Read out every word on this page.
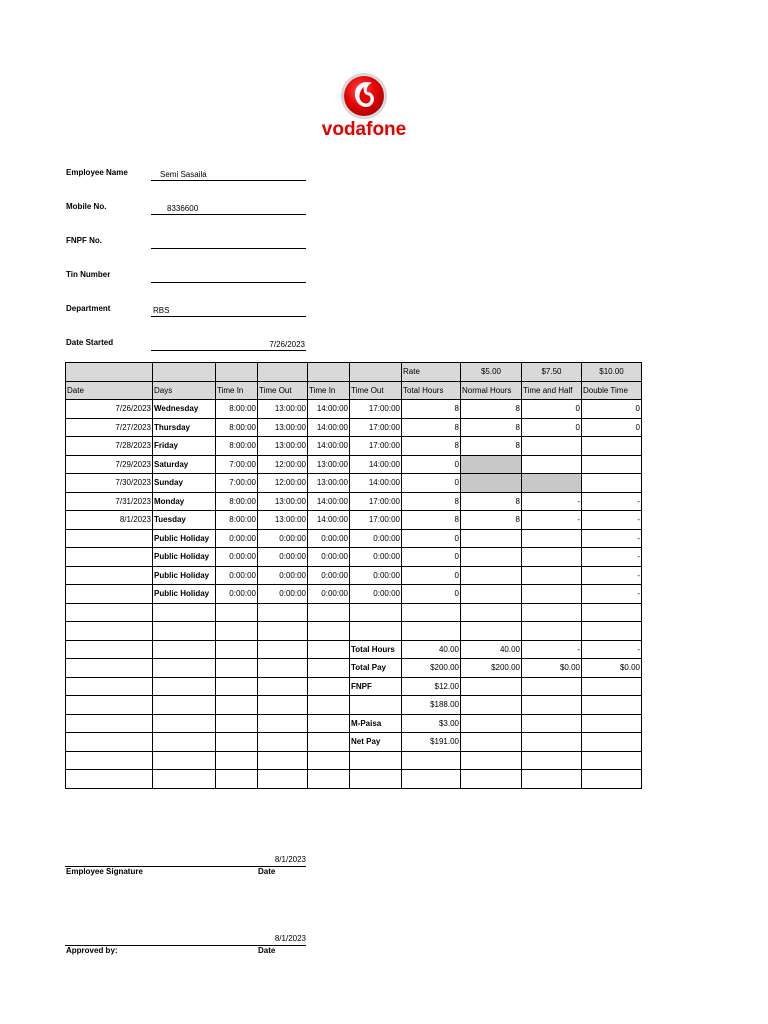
vodafone
Employee Name	Semi Sasaila
Mobile No.	8336600
FNPF No.
Tin Number
Department	RBS
Date Started	7/26/2023
						Rate	$5.00	$7.50	$10.00
Date	Days	Time In	Time Out	Time In	Time Out	Total Hours	Normal Hours	Time and Half	Double Time
7/26/2023	Wednesday	8:00:00	13:00:00	14:00:00	17:00:00	8	8	0	0
7/27/2023	Thursday	8:00:00	13:00:00	14:00:00	17:00:00	8	8	0	0
7/28/2023	Friday	8:00:00	13:00:00	14:00:00	17:00:00	8	8		
7/29/2023	Saturday	7:00:00	12:00:00	13:00:00	14:00:00	0			
7/30/2023	Sunday	7:00:00	12:00:00	13:00:00	14:00:00	0			
7/31/2023	Monday	8:00:00	13:00:00	14:00:00	17:00:00	8	8	-	-
8/1/2023	Tuesday	8:00:00	13:00:00	14:00:00	17:00:00	8	8	-	-
	Public Holiday	0:00:00	0:00:00	0:00:00	0:00:00	0			-
	Public Holiday	0:00:00	0:00:00	0:00:00	0:00:00	0			-
	Public Holiday	0:00:00	0:00:00	0:00:00	0:00:00	0			-
	Public Holiday	0:00:00	0:00:00	0:00:00	0:00:00	0			-

					Total Hours	40.00	40.00	-	-
					Total Pay	$200.00	$200.00	$0.00	$0.00
					FNPF	$12.00			
						$188.00			
					M-Paisa	$3.00			
					Net Pay	$191.00			

8/1/2023
Employee Signature	Date
8/1/2023
Approved by:	Date
